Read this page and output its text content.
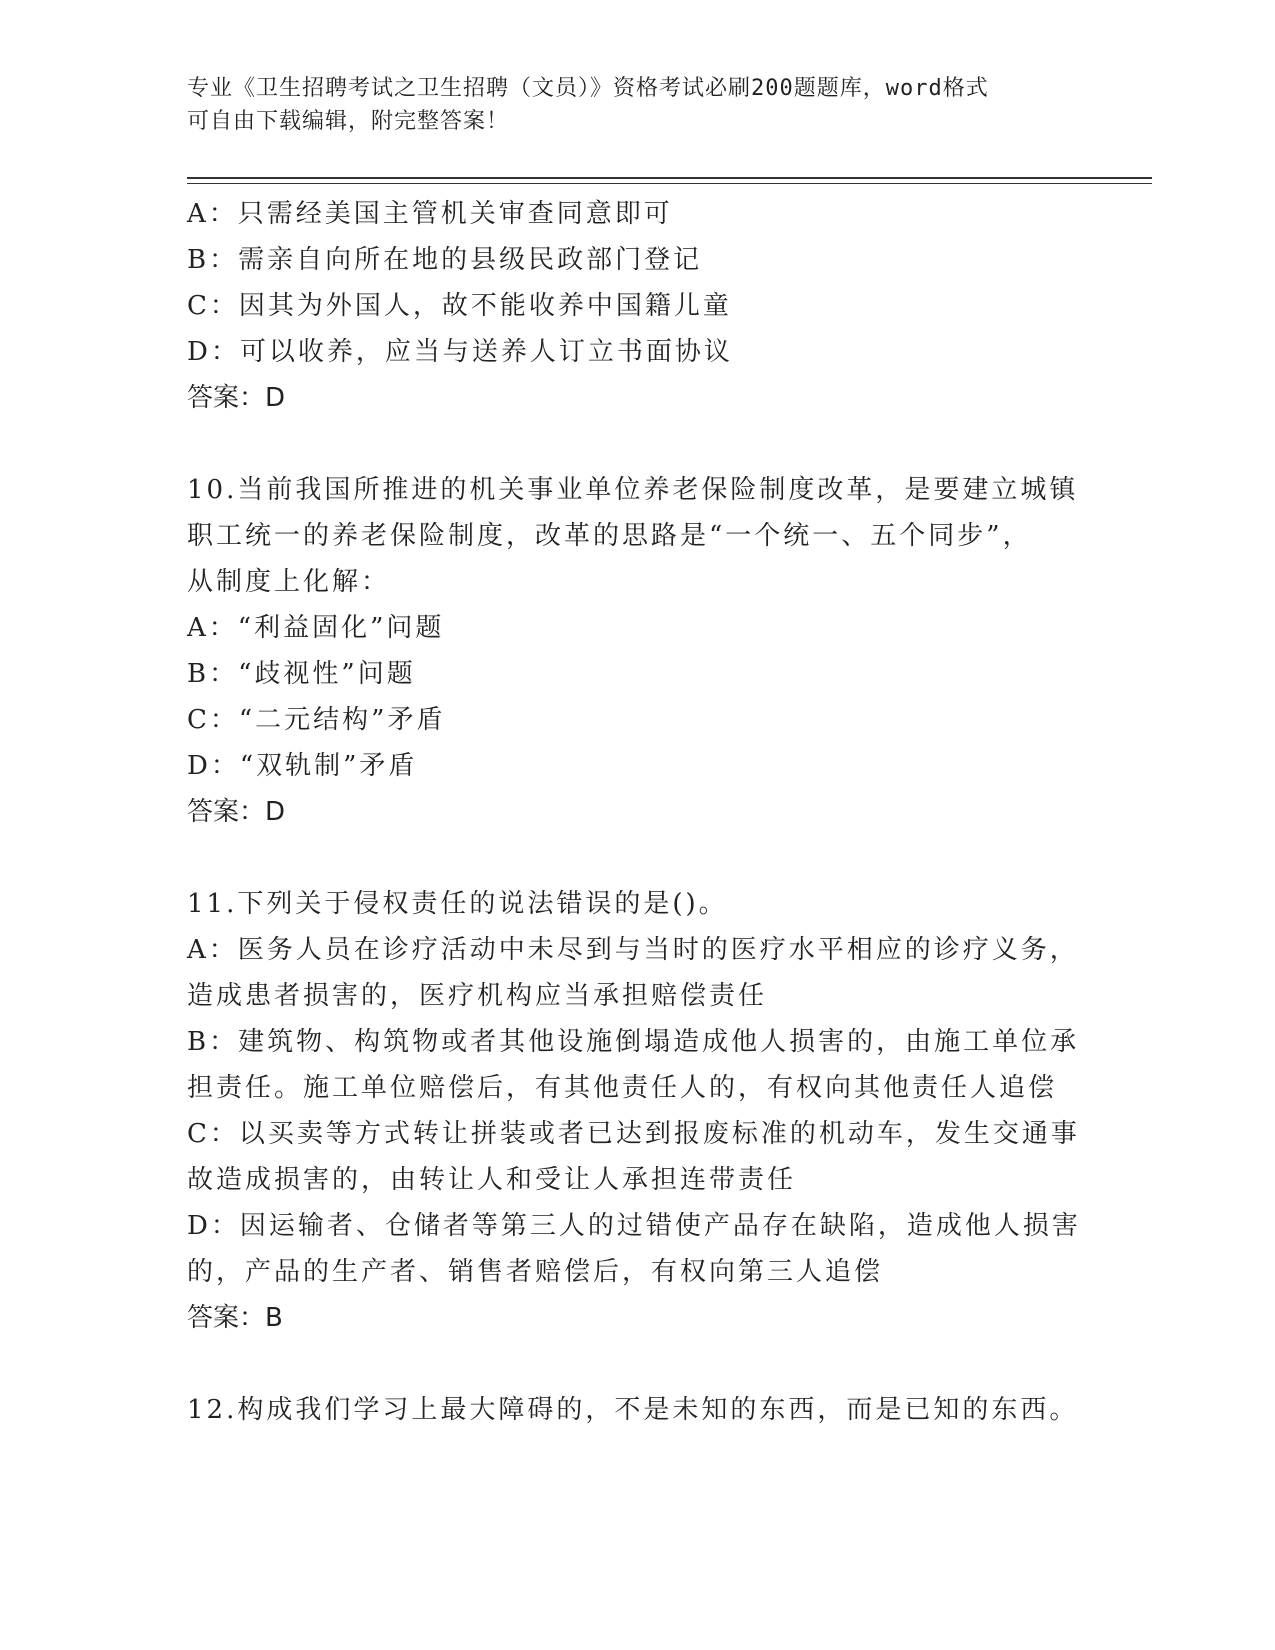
专业《卫生招聘考试之卫生招聘（文员）》资格考试必刷200题题库，word格式
可自由下载编辑，附完整答案！
A：只需经美国主管机关审查同意即可
B：需亲自向所在地的县级民政部门登记
C：因其为外国人，故不能收养中国籍儿童
D：可以收养，应当与送养人订立书面协议
答案：D
10.当前我国所推进的机关事业单位养老保险制度改革，是要建立城镇
职工统一的养老保险制度，改革的思路是“一个统一、五个同步”，
从制度上化解：
A：“利益固化”问题
B：“歧视性”问题
C：“二元结构”矛盾
D：“双轨制”矛盾
答案：D
11.下列关于侵权责任的说法错误的是()。
A：医务人员在诊疗活动中未尽到与当时的医疗水平相应的诊疗义务，
造成患者损害的，医疗机构应当承担赔偿责任
B：建筑物、构筑物或者其他设施倒塌造成他人损害的，由施工单位承
担责任。施工单位赔偿后，有其他责任人的，有权向其他责任人追偿
C：以买卖等方式转让拼装或者已达到报废标准的机动车，发生交通事
故造成损害的，由转让人和受让人承担连带责任
D：因运输者、仓储者等第三人的过错使产品存在缺陷，造成他人损害
的，产品的生产者、销售者赔偿后，有权向第三人追偿
答案：B
12.构成我们学习上最大障碍的，不是未知的东西，而是已知的东西。
